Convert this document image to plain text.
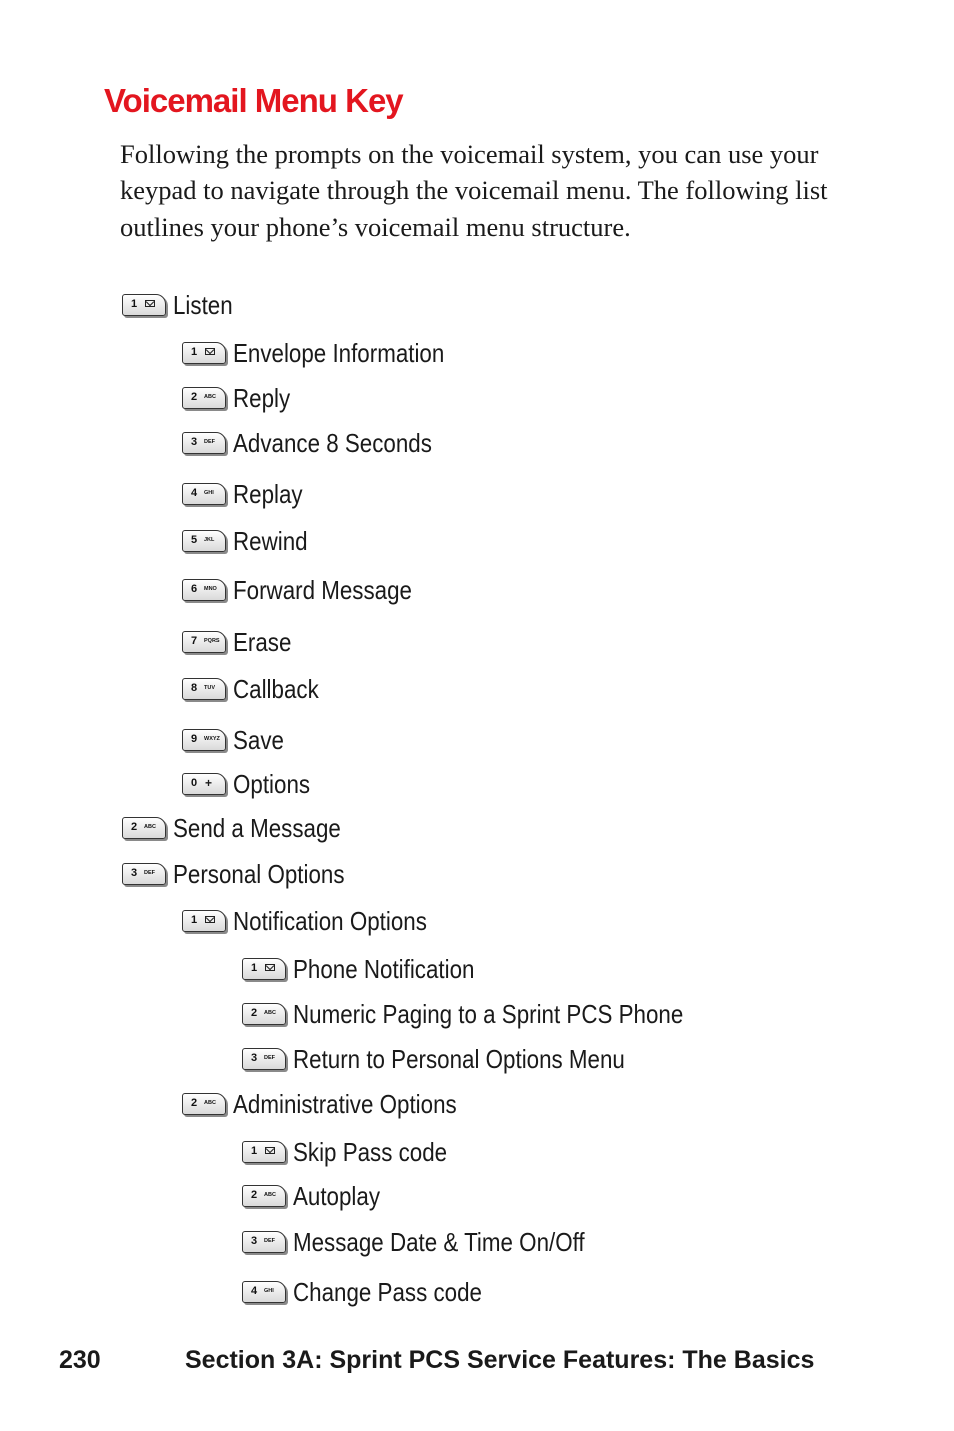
Voicemail Menu Key

Following the prompts on the voicemail system, you can use your keypad to navigate through the voicemail menu. The following list outlines your phone’s voicemail menu structure.

1 Listen
1 Envelope Information
2 ABC Reply
3 DEF Advance 8 Seconds
4 GHI Replay
5 JKL Rewind
6 MNO Forward Message
7 PQRS Erase
8 TUV Callback
9 WXYZ Save
0 + Options
2 ABC Send a Message
3 DEF Personal Options
1 Notification Options
1 Phone Notification
2 ABC Numeric Paging to a Sprint PCS Phone
3 DEF Return to Personal Options Menu
2 ABC Administrative Options
1 Skip Pass code
2 ABC Autoplay
3 DEF Message Date & Time On/Off
4 GHI Change Pass code
230	Section 3A: Sprint PCS Service Features: The Basics
